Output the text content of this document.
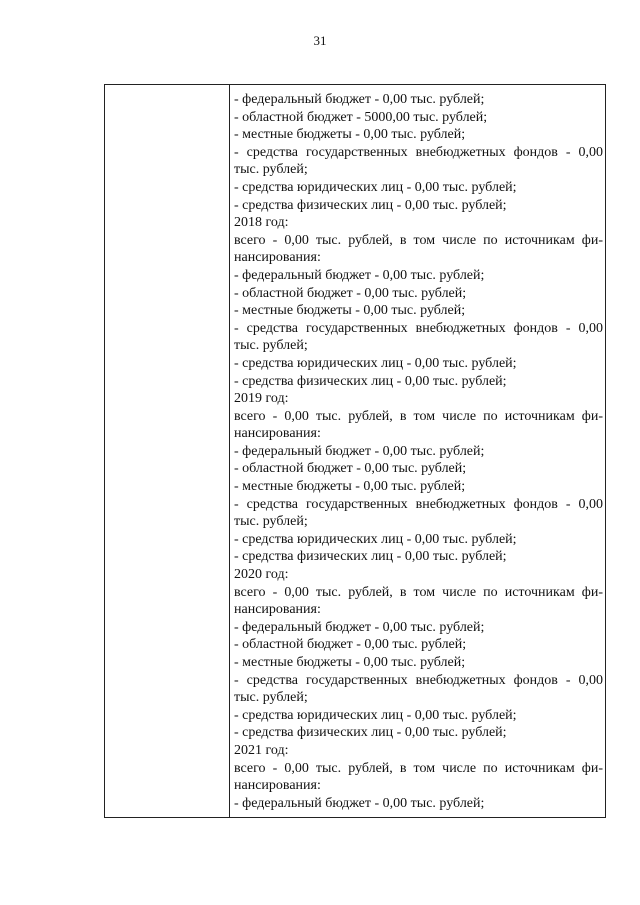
31
- федеральный бюджет - 0,00 тыс. рублей;
- областной бюджет - 5000,00 тыс. рублей;
- местные бюджеты - 0,00 тыс. рублей;
- средства государственных внебюджетных фондов - 0,00
тыс. рублей;
- средства юридических лиц - 0,00 тыс. рублей;
- средства физических лиц - 0,00 тыс. рублей;
2018 год:
всего - 0,00 тыс. рублей, в том числе по источникам фи-
нансирования:
- федеральный бюджет - 0,00 тыс. рублей;
- областной бюджет - 0,00 тыс. рублей;
- местные бюджеты - 0,00 тыс. рублей;
- средства государственных внебюджетных фондов - 0,00
тыс. рублей;
- средства юридических лиц - 0,00 тыс. рублей;
- средства физических лиц - 0,00 тыс. рублей;
2019 год:
всего - 0,00 тыс. рублей, в том числе по источникам фи-
нансирования:
- федеральный бюджет - 0,00 тыс. рублей;
- областной бюджет - 0,00 тыс. рублей;
- местные бюджеты - 0,00 тыс. рублей;
- средства государственных внебюджетных фондов - 0,00
тыс. рублей;
- средства юридических лиц - 0,00 тыс. рублей;
- средства физических лиц - 0,00 тыс. рублей;
2020 год:
всего - 0,00 тыс. рублей, в том числе по источникам фи-
нансирования:
- федеральный бюджет - 0,00 тыс. рублей;
- областной бюджет - 0,00 тыс. рублей;
- местные бюджеты - 0,00 тыс. рублей;
- средства государственных внебюджетных фондов - 0,00
тыс. рублей;
- средства юридических лиц - 0,00 тыс. рублей;
- средства физических лиц - 0,00 тыс. рублей;
2021 год:
всего - 0,00 тыс. рублей, в том числе по источникам фи-
нансирования:
- федеральный бюджет - 0,00 тыс. рублей;
